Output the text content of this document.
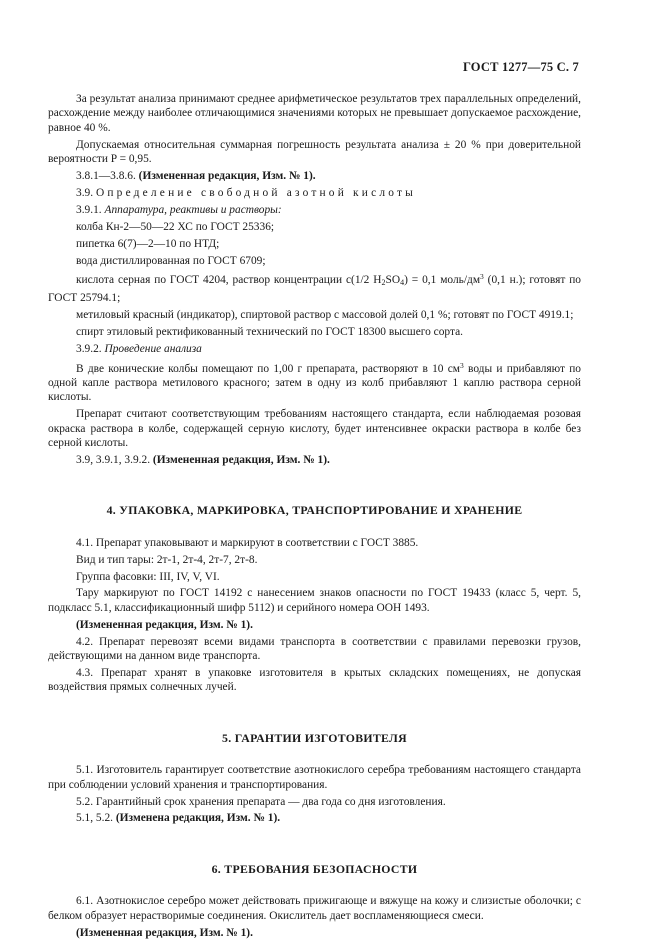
ГОСТ 1277—75 С. 7

За результат анализа принимают среднее арифметическое результатов трех параллельных определений, расхождение между наиболее отличающимися значениями которых не превышает допускаемое расхождение, равное 40 %.

Допускаемая относительная суммарная погрешность результата анализа ± 20 % при доверительной вероятности P = 0,95.

3.8.1—3.8.6. (Измененная редакция, Изм. № 1).

3.9. Определение свободной азотной кислоты

3.9.1. Аппаратура, реактивы и растворы:

колба Кн-2—50—22 ХС по ГОСТ 25336;

пипетка 6(7)—2—10 по НТД;

вода дистиллированная по ГОСТ 6709;

кислота серная по ГОСТ 4204, раствор концентрации c(1/2 $H_2SO_4) = 0,1$ моль/$дм^3$ (0,1 н.); готовят по ГОСТ 25794.1;

метиловый красный (индикатор), спиртовой раствор с массовой долей 0,1 %; готовят по ГОСТ 4919.1;

спирт этиловый ректификованный технический по ГОСТ 18300 высшего сорта.

3.9.2. Проведение анализа

В две конические колбы помещают по 1,00 г препарата, растворяют в 10 $см^3$ воды и прибавляют по одной капле раствора метилового красного; затем в одну из колб прибавляют 1 каплю раствора серной кислоты.

Препарат считают соответствующим требованиям настоящего стандарта, если наблюдаемая розовая окраска раствора в колбе, содержащей серную кислоту, будет интенсивнее окраски раствора в колбе без серной кислоты.

3.9, 3.9.1, 3.9.2. (Измененная редакция, Изм. № 1).

4. УПАКОВКА, МАРКИРОВКА, ТРАНСПОРТИРОВАНИЕ И ХРАНЕНИЕ

4.1. Препарат упаковывают и маркируют в соответствии с ГОСТ 3885.

Вид и тип тары: 2т-1, 2т-4, 2т-7, 2т-8.

Группа фасовки: III, IV, V, VI.

Тару маркируют по ГОСТ 14192 с нанесением знаков опасности по ГОСТ 19433 (класс 5, черт. 5, подкласс 5.1, классификационный шифр 5112) и серийного номера ООН 1493.

(Измененная редакция, Изм. № 1).

4.2. Препарат перевозят всеми видами транспорта в соответствии с правилами перевозки грузов, действующими на данном виде транспорта.

4.3. Препарат хранят в упаковке изготовителя в крытых складских помещениях, не допуская воздействия прямых солнечных лучей.

5. ГАРАНТИИ ИЗГОТОВИТЕЛЯ

5.1. Изготовитель гарантирует соответствие азотнокислого серебра требованиям настоящего стандарта при соблюдении условий хранения и транспортирования.

5.2. Гарантийный срок хранения препарата — два года со дня изготовления.

5.1, 5.2. (Изменена редакция, Изм. № 1).

6. ТРЕБОВАНИЯ БЕЗОПАСНОСТИ

6.1. Азотнокислое серебро может действовать прижигающе и вяжуще на кожу и слизистые оболочки; с белком образует нерастворимые соединения. Окислитель дает воспламеняющиеся смеси.

(Измененная редакция, Изм. № 1).
